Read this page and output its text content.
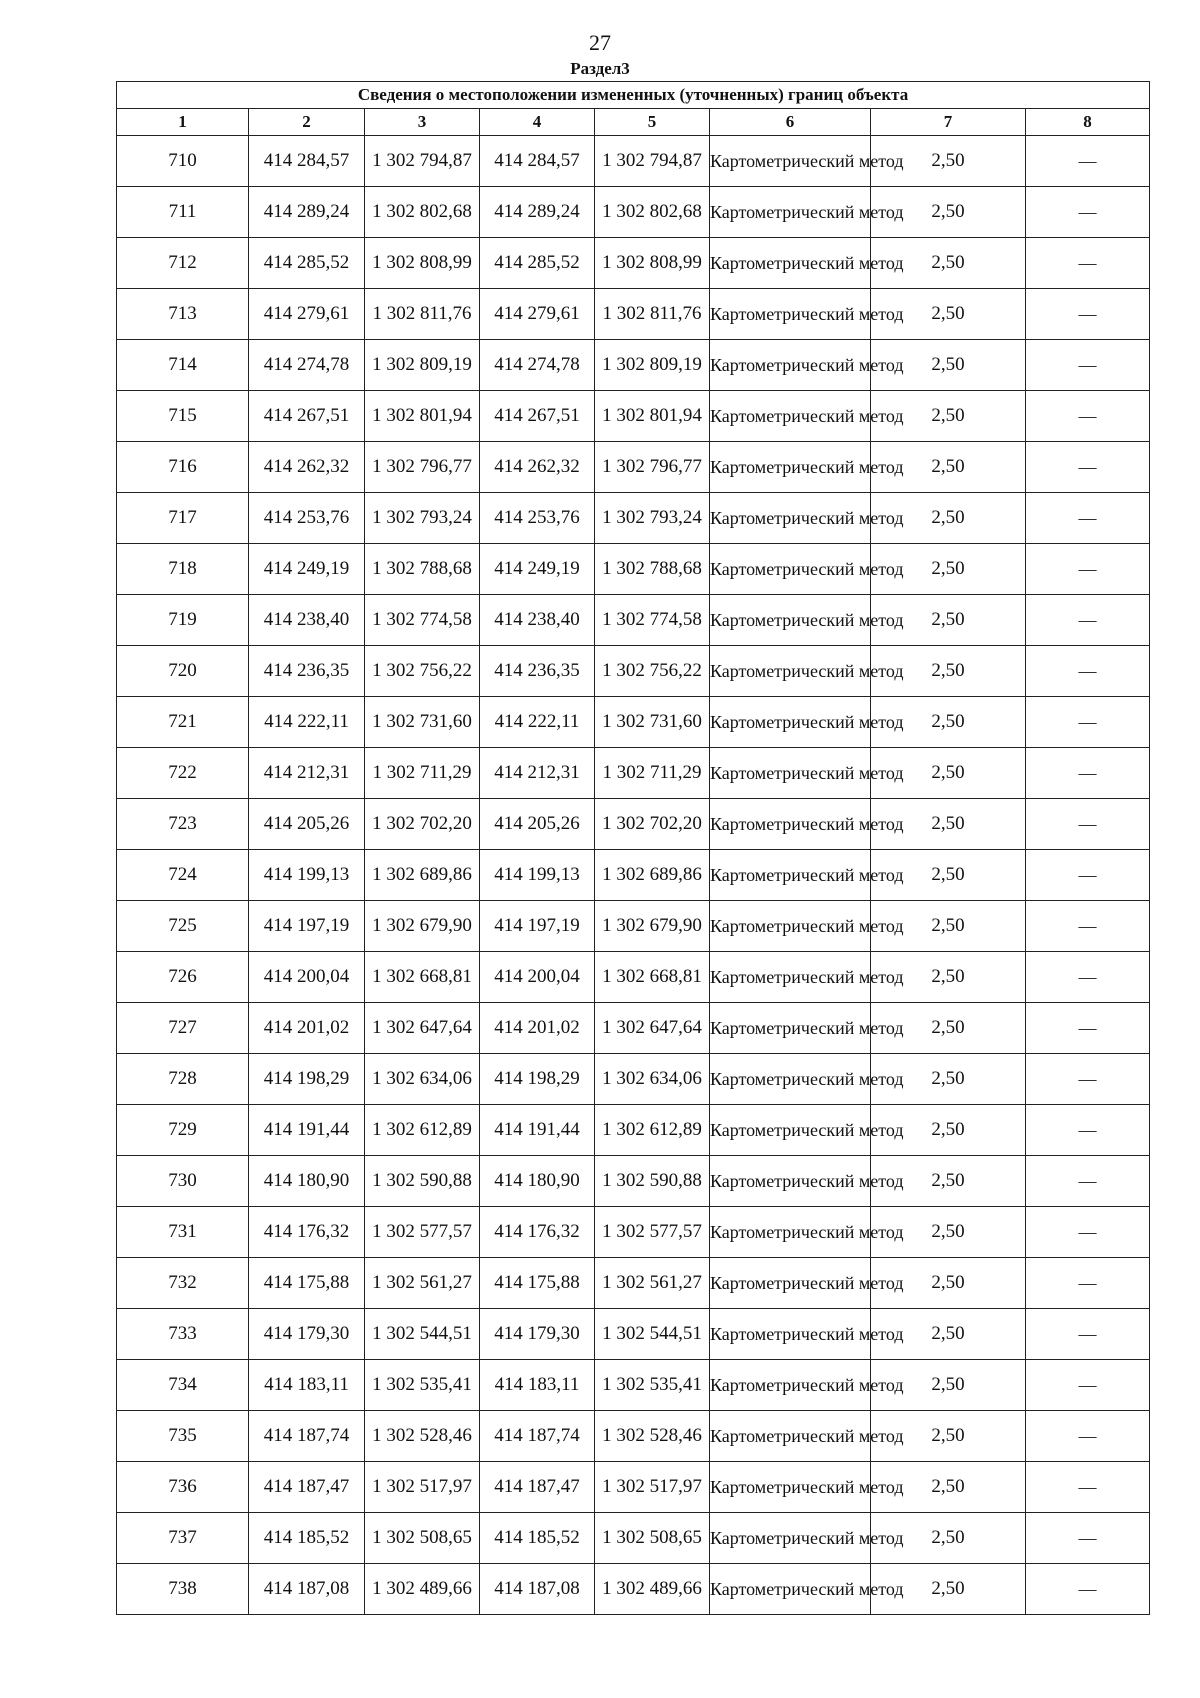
27
Раздел3
Сведения о местоположении измененных (уточненных) границ объекта							
1	2	3	4	5	6	7	8
710	414 284,57	1 302 794,87	414 284,57	1 302 794,87	Картометрический метод	2,50	—
711	414 289,24	1 302 802,68	414 289,24	1 302 802,68	Картометрический метод	2,50	—
712	414 285,52	1 302 808,99	414 285,52	1 302 808,99	Картометрический метод	2,50	—
713	414 279,61	1 302 811,76	414 279,61	1 302 811,76	Картометрический метод	2,50	—
714	414 274,78	1 302 809,19	414 274,78	1 302 809,19	Картометрический метод	2,50	—
715	414 267,51	1 302 801,94	414 267,51	1 302 801,94	Картометрический метод	2,50	—
716	414 262,32	1 302 796,77	414 262,32	1 302 796,77	Картометрический метод	2,50	—
717	414 253,76	1 302 793,24	414 253,76	1 302 793,24	Картометрический метод	2,50	—
718	414 249,19	1 302 788,68	414 249,19	1 302 788,68	Картометрический метод	2,50	—
719	414 238,40	1 302 774,58	414 238,40	1 302 774,58	Картометрический метод	2,50	—
720	414 236,35	1 302 756,22	414 236,35	1 302 756,22	Картометрический метод	2,50	—
721	414 222,11	1 302 731,60	414 222,11	1 302 731,60	Картометрический метод	2,50	—
722	414 212,31	1 302 711,29	414 212,31	1 302 711,29	Картометрический метод	2,50	—
723	414 205,26	1 302 702,20	414 205,26	1 302 702,20	Картометрический метод	2,50	—
724	414 199,13	1 302 689,86	414 199,13	1 302 689,86	Картометрический метод	2,50	—
725	414 197,19	1 302 679,90	414 197,19	1 302 679,90	Картометрический метод	2,50	—
726	414 200,04	1 302 668,81	414 200,04	1 302 668,81	Картометрический метод	2,50	—
727	414 201,02	1 302 647,64	414 201,02	1 302 647,64	Картометрический метод	2,50	—
728	414 198,29	1 302 634,06	414 198,29	1 302 634,06	Картометрический метод	2,50	—
729	414 191,44	1 302 612,89	414 191,44	1 302 612,89	Картометрический метод	2,50	—
730	414 180,90	1 302 590,88	414 180,90	1 302 590,88	Картометрический метод	2,50	—
731	414 176,32	1 302 577,57	414 176,32	1 302 577,57	Картометрический метод	2,50	—
732	414 175,88	1 302 561,27	414 175,88	1 302 561,27	Картометрический метод	2,50	—
733	414 179,30	1 302 544,51	414 179,30	1 302 544,51	Картометрический метод	2,50	—
734	414 183,11	1 302 535,41	414 183,11	1 302 535,41	Картометрический метод	2,50	—
735	414 187,74	1 302 528,46	414 187,74	1 302 528,46	Картометрический метод	2,50	—
736	414 187,47	1 302 517,97	414 187,47	1 302 517,97	Картометрический метод	2,50	—
737	414 185,52	1 302 508,65	414 185,52	1 302 508,65	Картометрический метод	2,50	—
738	414 187,08	1 302 489,66	414 187,08	1 302 489,66	Картометрический метод	2,50	—
